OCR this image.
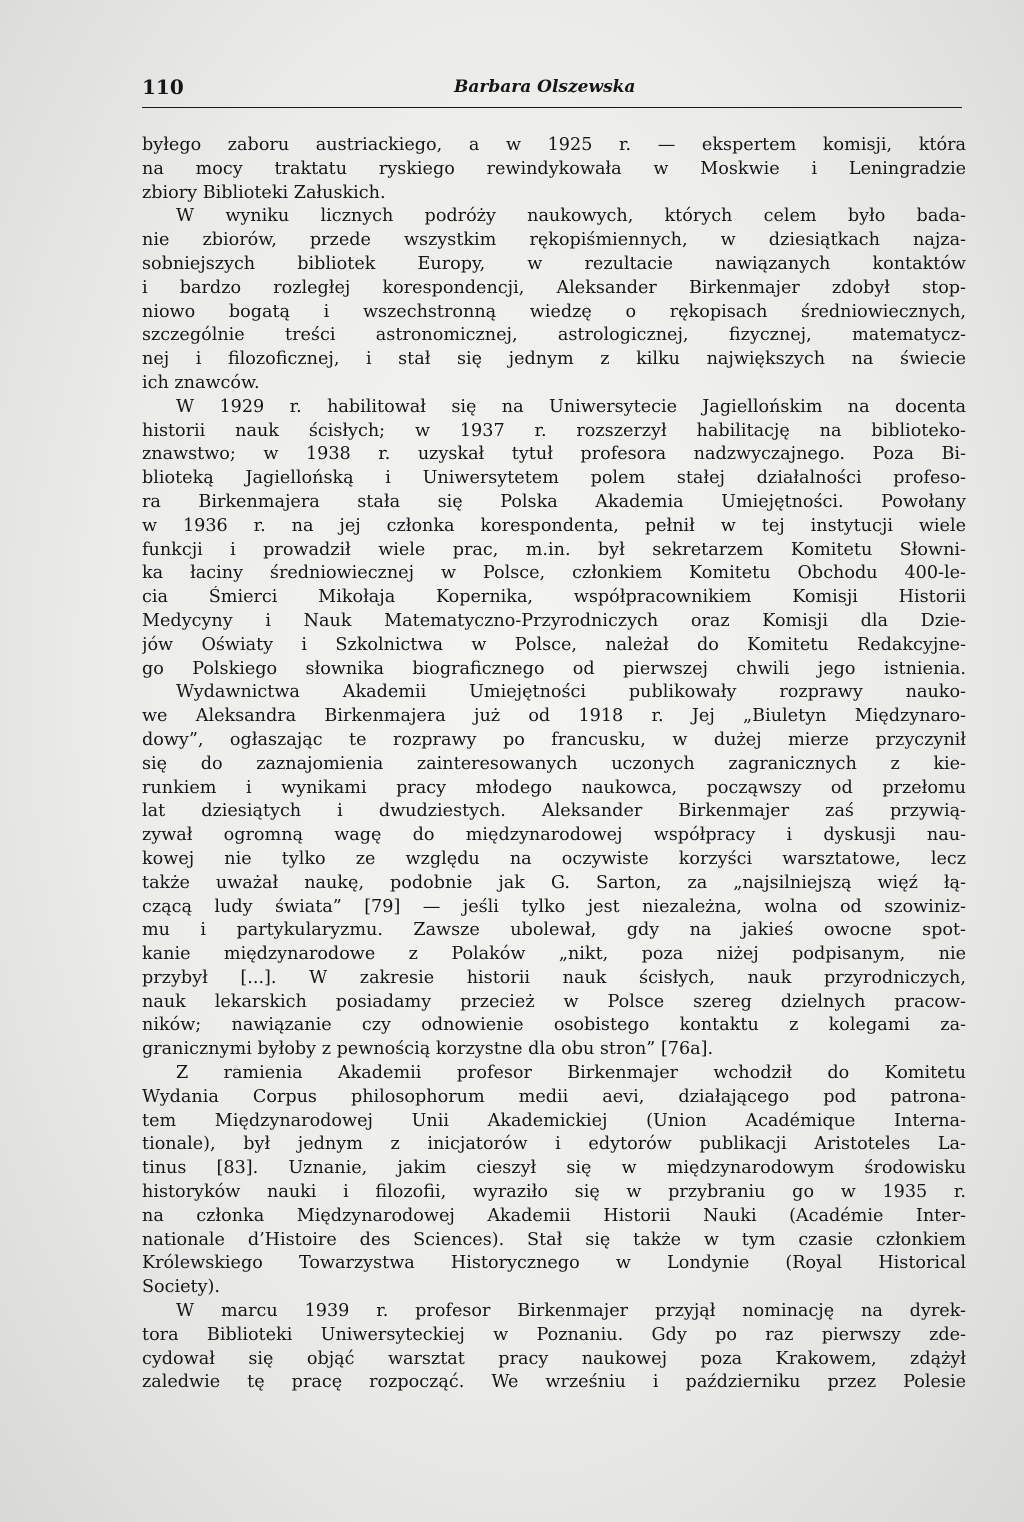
110	Barbara Olszewska
byłego zaboru austriackiego, a w 1925 r. — ekspertem komisji, która
na mocy traktatu ryskiego rewindykowała w Moskwie i Leningradzie
zbiory Biblioteki Załuskich.
W wyniku licznych podróży naukowych, których celem było bada-
nie zbiorów, przede wszystkim rękopiśmiennych, w dziesiątkach najza-
sobniejszych bibliotek Europy, w rezultacie nawiązanych kontaktów
i bardzo rozległej korespondencji, Aleksander Birkenmajer zdobył stop-
niowo bogatą i wszechstronną wiedzę o rękopisach średniowiecznych,
szczególnie treści astronomicznej, astrologicznej, fizycznej, matematycz-
nej i filozoficznej, i stał się jednym z kilku największych na świecie
ich znawców.
W 1929 r. habilitował się na Uniwersytecie Jagiellońskim na docenta
historii nauk ścisłych; w 1937 r. rozszerzył habilitację na biblioteko-
znawstwo; w 1938 r. uzyskał tytuł profesora nadzwyczajnego. Poza Bi-
blioteką Jagiellońską i Uniwersytetem polem stałej działalności profeso-
ra Birkenmajera stała się Polska Akademia Umiejętności. Powołany
w 1936 r. na jej członka korespondenta, pełnił w tej instytucji wiele
funkcji i prowadził wiele prac, m.in. był sekretarzem Komitetu Słowni-
ka łaciny średniowiecznej w Polsce, członkiem Komitetu Obchodu 400-le-
cia Śmierci Mikołaja Kopernika, współpracownikiem Komisji Historii
Medycyny i Nauk Matematyczno-Przyrodniczych oraz Komisji dla Dzie-
jów Oświaty i Szkolnictwa w Polsce, należał do Komitetu Redakcyjne-
go Polskiego słownika biograficznego od pierwszej chwili jego istnienia.
Wydawnictwa Akademii Umiejętności publikowały rozprawy nauko-
we Aleksandra Birkenmajera już od 1918 r. Jej „Biuletyn Międzynaro-
dowy”, ogłaszając te rozprawy po francusku, w dużej mierze przyczynił
się do zaznajomienia zainteresowanych uczonych zagranicznych z kie-
runkiem i wynikami pracy młodego naukowca, począwszy od przełomu
lat dziesiątych i dwudziestych. Aleksander Birkenmajer zaś przywią-
zywał ogromną wagę do międzynarodowej współpracy i dyskusji nau-
kowej nie tylko ze względu na oczywiste korzyści warsztatowe, lecz
także uważał naukę, podobnie jak G. Sarton, za „najsilniejszą więź łą-
czącą ludy świata” [79] — jeśli tylko jest niezależna, wolna od szowiniz-
mu i partykularyzmu. Zawsze ubolewał, gdy na jakieś owocne spot-
kanie międzynarodowe z Polaków „nikt, poza niżej podpisanym, nie
przybył [...]. W zakresie historii nauk ścisłych, nauk przyrodniczych,
nauk lekarskich posiadamy przecież w Polsce szereg dzielnych pracow-
ników; nawiązanie czy odnowienie osobistego kontaktu z kolegami za-
granicznymi byłoby z pewnością korzystne dla obu stron” [76a].
Z ramienia Akademii profesor Birkenmajer wchodził do Komitetu
Wydania Corpus philosophorum medii aevi, działającego pod patrona-
tem Międzynarodowej Unii Akademickiej (Union Académique Interna-
tionale), był jednym z inicjatorów i edytorów publikacji Aristoteles La-
tinus [83]. Uznanie, jakim cieszył się w międzynarodowym środowisku
historyków nauki i filozofii, wyraziło się w przybraniu go w 1935 r.
na członka Międzynarodowej Akademii Historii Nauki (Académie Inter-
nationale d’Histoire des Sciences). Stał się także w tym czasie członkiem
Królewskiego Towarzystwa Historycznego w Londynie (Royal Historical
Society).
W marcu 1939 r. profesor Birkenmajer przyjął nominację na dyrek-
tora Biblioteki Uniwersyteckiej w Poznaniu. Gdy po raz pierwszy zde-
cydował się objąć warsztat pracy naukowej poza Krakowem, zdążył
zaledwie tę pracę rozpocząć. We wrześniu i październiku przez Polesie
